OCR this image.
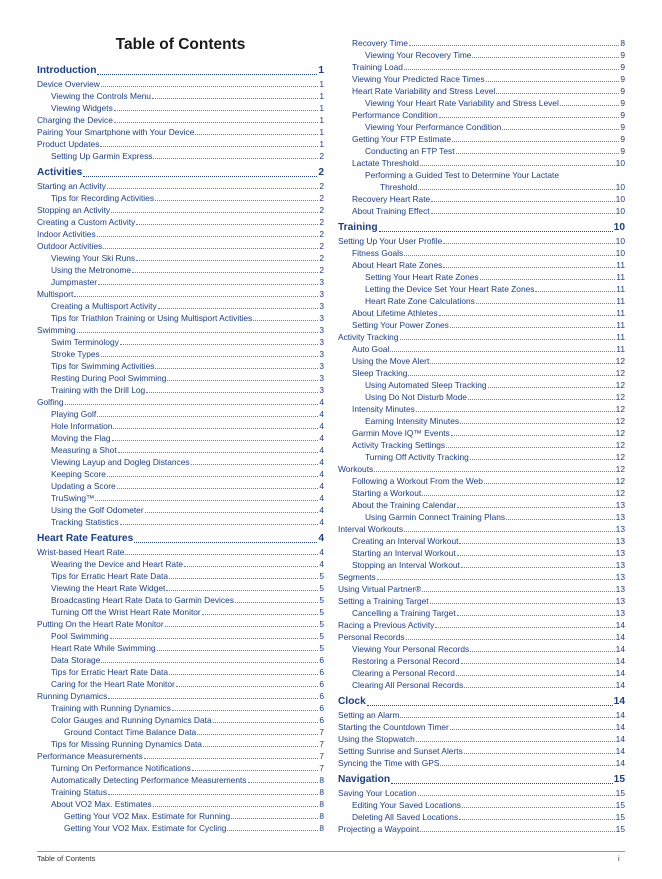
Table of Contents
Introduction	1
Device Overview	1
Viewing the Controls Menu	1
Viewing Widgets	1
Charging the Device	1
Pairing Your Smartphone with Your Device	1
Product Updates	1
Setting Up Garmin Express	2
Activities	2
Starting an Activity	2
Tips for Recording Activities	2
Stopping an Activity	2
Creating a Custom Activity	2
Indoor Activities	2
Outdoor Activities	2
Viewing Your Ski Runs	2
Using the Metronome	2
Jumpmaster	3
Multisport	3
Creating a Multisport Activity	3
Tips for Triathlon Training or Using Multisport Activities	3
Swimming	3
Swim Terminology	3
Stroke Types	3
Tips for Swimming Activities	3
Resting During Pool Swimming	3
Training with the Drill Log	3
Golfing	4
Playing Golf	4
Hole Information	4
Moving the Flag	4
Measuring a Shot	4
Viewing Layup and Dogleg Distances	4
Keeping Score	4
Updating a Score	4
TruSwing™	4
Using the Golf Odometer	4
Tracking Statistics	4
Heart Rate Features	4
Wrist-based Heart Rate	4
Wearing the Device and Heart Rate	4
Tips for Erratic Heart Rate Data	5
Viewing the Heart Rate Widget	5
Broadcasting Heart Rate Data to Garmin Devices	5
Turning Off the Wrist Heart Rate Monitor	5
Putting On the Heart Rate Monitor	5
Pool Swimming	5
Heart Rate While Swimming	5
Data Storage	6
Tips for Erratic Heart Rate Data	6
Caring for the Heart Rate Monitor	6
Running Dynamics	6
Training with Running Dynamics	6
Color Gauges and Running Dynamics Data	6
Ground Contact Time Balance Data	7
Tips for Missing Running Dynamics Data	7
Performance Measurements	7
Turning On Performance Notifications	7
Automatically Detecting Performance Measurements	8
Training Status	8
About VO2 Max. Estimates	8
Getting Your VO2 Max. Estimate for Running	8
Getting Your VO2 Max. Estimate for Cycling	8
Recovery Time	8
Viewing Your Recovery Time	9
Training Load	9
Viewing Your Predicted Race Times	9
Heart Rate Variability and Stress Level	9
Viewing Your Heart Rate Variability and Stress Level	9
Performance Condition	9
Viewing Your Performance Condition	9
Getting Your FTP Estimate	9
Conducting an FTP Test	9
Lactate Threshold	10
Performing a Guided Test to Determine Your Lactate
Threshold	10
Recovery Heart Rate	10
About Training Effect	10
Training	10
Setting Up Your User Profile	10
Fitness Goals	10
About Heart Rate Zones	11
Setting Your Heart Rate Zones	11
Letting the Device Set Your Heart Rate Zones	11
Heart Rate Zone Calculations	11
About Lifetime Athletes	11
Setting Your Power Zones	11
Activity Tracking	11
Auto Goal	11
Using the Move Alert	12
Sleep Tracking	12
Using Automated Sleep Tracking	12
Using Do Not Disturb Mode	12
Intensity Minutes	12
Earning Intensity Minutes	12
Garmin Move IQ™ Events	12
Activity Tracking Settings	12
Turning Off Activity Tracking	12
Workouts	12
Following a Workout From the Web	12
Starting a Workout	12
About the Training Calendar	13
Using Garmin Connect Training Plans	13
Interval Workouts	13
Creating an Interval Workout	13
Starting an Interval Workout	13
Stopping an Interval Workout	13
Segments	13
Using Virtual Partner®	13
Setting a Training Target	13
Cancelling a Training Target	13
Racing a Previous Activity	14
Personal Records	14
Viewing Your Personal Records	14
Restoring a Personal Record	14
Clearing a Personal Record	14
Clearing All Personal Records	14
Clock	14
Setting an Alarm	14
Starting the Countdown Timer	14
Using the Stopwatch	14
Setting Sunrise and Sunset Alerts	14
Syncing the Time with GPS	14
Navigation	15
Saving Your Location	15
Editing Your Saved Locations	15
Deleting All Saved Locations	15
Projecting a Waypoint	15
Table of Contents	i
